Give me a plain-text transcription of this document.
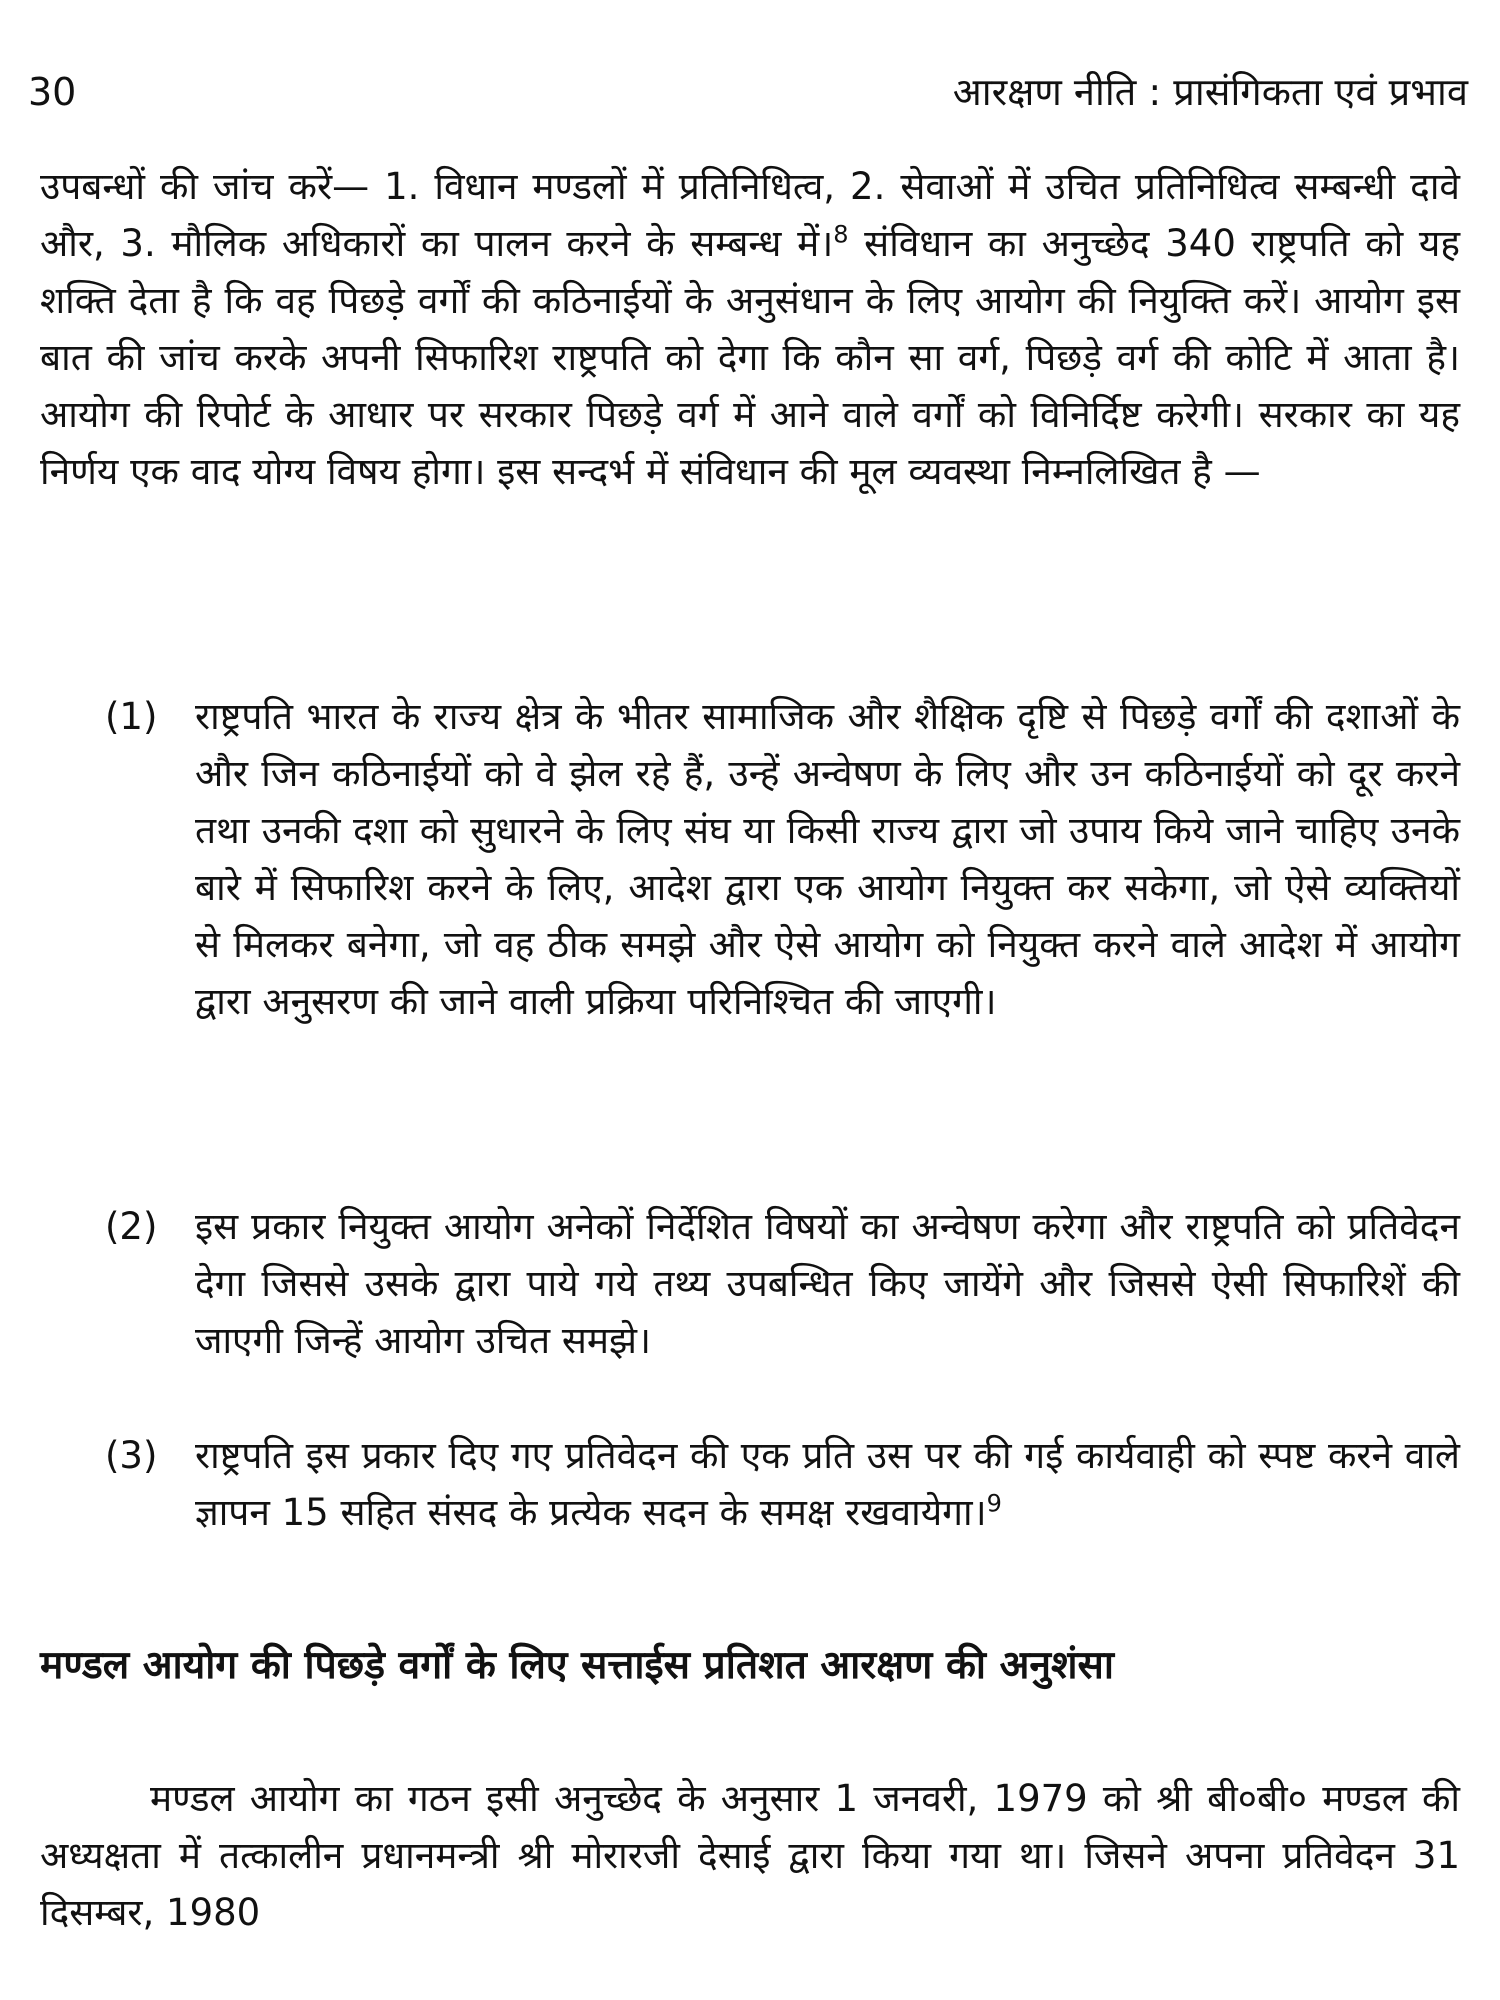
30	आरक्षण नीति : प्रासंगिकता एवं प्रभाव
उपबन्धों की जांच करें— 1. विधान मण्डलों में प्रतिनिधित्व, 2. सेवाओं में उचित प्रतिनिधित्व सम्बन्धी दावे और, 3. मौलिक अधिकारों का पालन करने के सम्बन्ध में।$^8$ संविधान का अनुच्छेद 340 राष्ट्रपति को यह शक्ति देता है कि वह पिछड़े वर्गों की कठिनाईयों के अनुसंधान के लिए आयोग की नियुक्ति करें। आयोग इस बात की जांच करके अपनी सिफारिश राष्ट्रपति को देगा कि कौन सा वर्ग, पिछड़े वर्ग की कोटि में आता है। आयोग की रिपोर्ट के आधार पर सरकार पिछड़े वर्ग में आने वाले वर्गों को विनिर्दिष्ट करेगी। सरकार का यह निर्णय एक वाद योग्य विषय होगा। इस सन्दर्भ में संविधान की मूल व्यवस्था निम्नलिखित है —
(1) राष्ट्रपति भारत के राज्य क्षेत्र के भीतर सामाजिक और शैक्षिक दृष्टि से पिछड़े वर्गों की दशाओं के और जिन कठिनाईयों को वे झेल रहे हैं, उन्हें अन्वेषण के लिए और उन कठिनाईयों को दूर करने तथा उनकी दशा को सुधारने के लिए संघ या किसी राज्य द्वारा जो उपाय किये जाने चाहिए उनके बारे में सिफारिश करने के लिए, आदेश द्वारा एक आयोग नियुक्त कर सकेगा, जो ऐसे व्यक्तियों से मिलकर बनेगा, जो वह ठीक समझे और ऐसे आयोग को नियुक्त करने वाले आदेश में आयोग द्वारा अनुसरण की जाने वाली प्रक्रिया परिनिश्चित की जाएगी।
(2) इस प्रकार नियुक्त आयोग अनेकों निर्देशित विषयों का अन्वेषण करेगा और राष्ट्रपति को प्रतिवेदन देगा जिससे उसके द्वारा पाये गये तथ्य उपबन्धित किए जायेंगे और जिससे ऐसी सिफारिशें की जाएगी जिन्हें आयोग उचित समझे।
(3) राष्ट्रपति इस प्रकार दिए गए प्रतिवेदन की एक प्रति उस पर की गई कार्यवाही को स्पष्ट करने वाले ज्ञापन 15 सहित संसद के प्रत्येक सदन के समक्ष रखवायेगा।$^9$
मण्डल आयोग की पिछड़े वर्गों के लिए सत्ताईस प्रतिशत आरक्षण की अनुशंसा
मण्डल आयोग का गठन इसी अनुच्छेद के अनुसार 1 जनवरी, 1979 को श्री बी०बी० मण्डल की अध्यक्षता में तत्कालीन प्रधानमन्त्री श्री मोरारजी देसाई द्वारा किया गया था। जिसने अपना प्रतिवेदन 31 दिसम्बर, 1980
